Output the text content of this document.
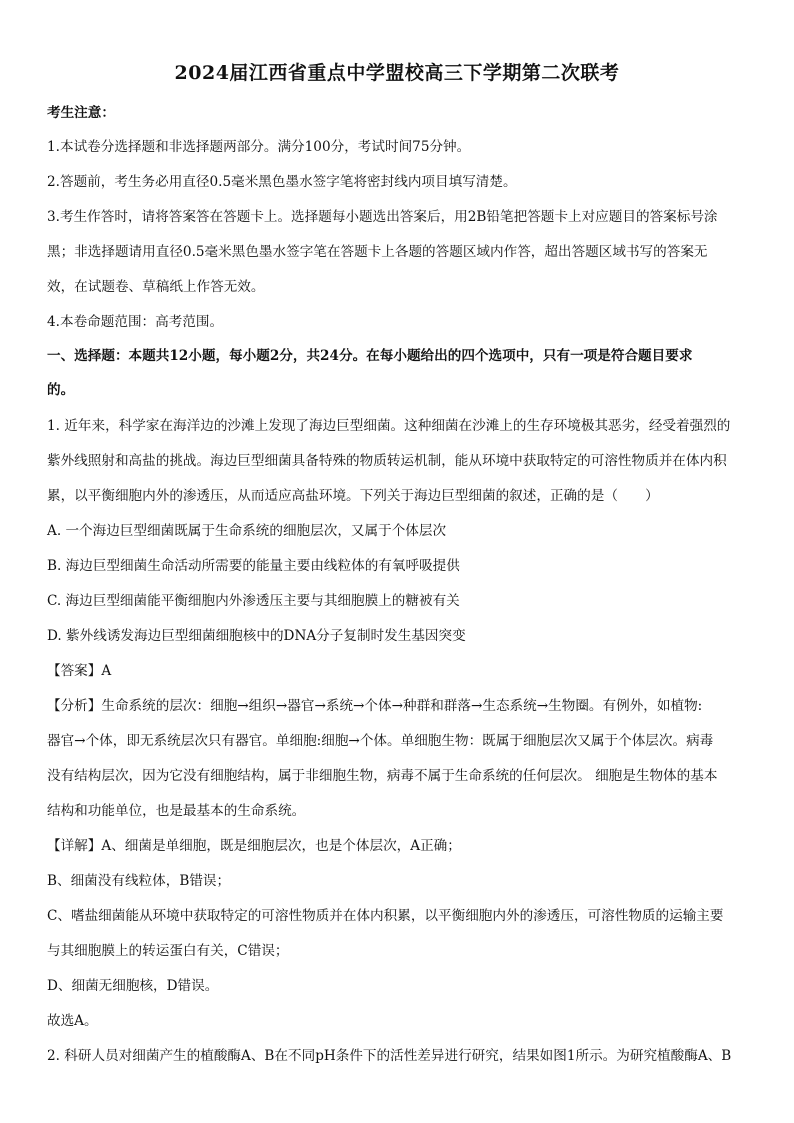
2024届江西省重点中学盟校高三下学期第二次联考
考生注意：
1.本试卷分选择题和非选择题两部分。满分100分，考试时间75分钟。
2.答题前，考生务必用直径0.5毫米黑色墨水签字笔将密封线内项目填写清楚。
3.考生作答时，请将答案答在答题卡上。选择题每小题选出答案后，用2B铅笔把答题卡上对应题目的答案标号涂
黑；非选择题请用直径0.5毫米黑色墨水签字笔在答题卡上各题的答题区域内作答，超出答题区域书写的答案无
效，在试题卷、草稿纸上作答无效。
4.本卷命题范围：高考范围。
一、选择题：本题共12小题，每小题2分，共24分。在每小题给出的四个选项中，只有一项是符合题目要求
的。
1. 近年来，科学家在海洋边的沙滩上发现了海边巨型细菌。这种细菌在沙滩上的生存环境极其恶劣，经受着强烈的
紫外线照射和高盐的挑战。海边巨型细菌具备特殊的物质转运机制，能从环境中获取特定的可溶性物质并在体内积
累，以平衡细胞内外的渗透压，从而适应高盐环境。下列关于海边巨型细菌的叙述，正确的是（　　）
A. 一个海边巨型细菌既属于生命系统的细胞层次，又属于个体层次
B. 海边巨型细菌生命活动所需要的能量主要由线粒体的有氧呼吸提供
C. 海边巨型细菌能平衡细胞内外渗透压主要与其细胞膜上的糖被有关
D. 紫外线诱发海边巨型细菌细胞核中的DNA分子复制时发生基因突变
【答案】A
【分析】生命系统的层次：细胞→组织→器官→系统→个体→种群和群落→生态系统→生物圈。有例外，如植物:
器官→个体，即无系统层次只有器官。单细胞:细胞→个体。单细胞生物：既属于细胞层次又属于个体层次。病毒
没有结构层次，因为它没有细胞结构，属于非细胞生物，病毒不属于生命系统的任何层次。 细胞是生物体的基本
结构和功能单位，也是最基本的生命系统。
【详解】A、细菌是单细胞，既是细胞层次，也是个体层次，A正确；
B、细菌没有线粒体，B错误；
C、嗜盐细菌能从环境中获取特定的可溶性物质并在体内积累，以平衡细胞内外的渗透压，可溶性物质的运输主要
与其细胞膜上的转运蛋白有关，C错误；
D、细菌无细胞核，D错误。
故选A。
2. 科研人员对细菌产生的植酸酶A、B在不同pH条件下的活性差异进行研究，结果如图1所示。为研究植酸酶A、B
